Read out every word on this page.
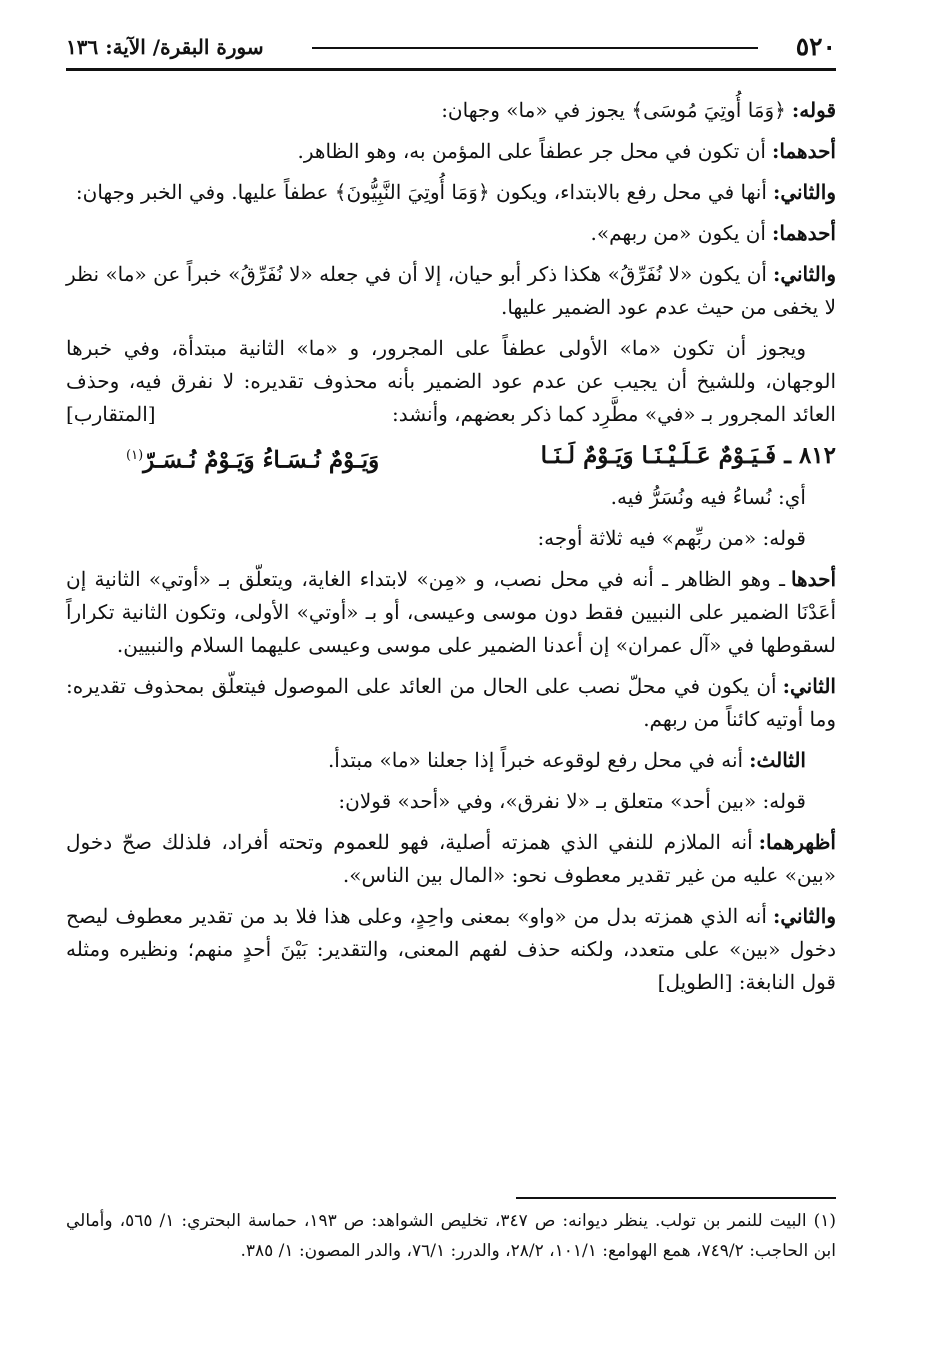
٥٢٠
سورة البقرة/ الآية: ١٣٦

قوله:﴿وَمَا أُوتِيَ مُوسَى﴾ يجوز في «ما» وجهان:

أحدهما:أن تكون في محل جر عطفاً على المؤمن به، وهو الظاهر.

والثاني:أنها في محل رفع بالابتداء، ويكون ﴿وَمَا أُوتِيَ النَّبِيُّونَ﴾ عطفاً عليها. وفي الخبر وجهان:

أحدهما:أن يكون «من ربهم».

والثاني:أن يكون «لا نُفَرِّقُ» هكذا ذكر أبو حيان، إلا أن في جعله «لا نُفَرِّقُ» خبراً عن «ما» نظر لا يخفى من حيث عدم عود الضمير عليها.

ويجوز أن تكون «ما» الأولى عطفاً على المجرور، و «ما» الثانية مبتدأة، وفي خبرها الوجهان، وللشيخ أن يجيب عن عدم عود الضمير بأنه محذوف تقديره: لا نفرق فيه، وحذف العائد المجرور بـ «في» مطَّرِد كما ذكر بعضهم، وأنشد:
[المتقارب]

٨١٢ ـ فَـيَـوْمٌ عَـلَـيْـنَـا وَيَـوْمٌ لَـنَـا
وَيَـوْمٌ نُـسَـاءُ وَيَـوْمٌ نُـسَـرّ$^{(١)}$

أي: نُساءُ فيه ونُسَرُّ فيه.

قوله: «من ربِّهم» فيه ثلاثة أوجه:

أحدهاـ وهو الظاهر ـ أنه في محل نصب، و «مِن» لابتداء الغاية، ويتعلّق بـ «أوتي» الثانية إن أعَدْنَا الضمير على النبيين فقط دون موسى وعيسى، أو بـ «أوتي» الأولى، وتكون الثانية تكراراً لسقوطها في «آل عمران» إن أعدنا الضمير على موسى وعيسى عليهما السلام والنبيين.

الثاني:أن يكون في محلّ نصب على الحال من العائد على الموصول فيتعلّق بمحذوف تقديره: وما أوتيه كائناً من ربهم.

الثالث:أنه في محل رفع لوقوعه خبراً إذا جعلنا «ما» مبتدأ.

قوله: «بين أحد» متعلق بـ «لا نفرق»، وفي «أحد» قولان:

أظهرهما:أنه الملازم للنفي الذي همزته أصلية، فهو للعموم وتحته أفراد، فلذلك صحّ دخول «بين» عليه من غير تقدير معطوف نحو: «المال بين الناس».

والثاني:أنه الذي همزته بدل من «واو» بمعنى واحِدٍ، وعلى هذا فلا بد من تقدير معطوف ليصح دخول «بين» على متعدد، ولكنه حذف لفهم المعنى، والتقدير: بَيْنَ أحدٍ منهم؛ ونظيره ومثله قول النابغة: [الطويل]

(١) البيت للنمر بن تولب. ينظر ديوانه: ص ٣٤٧، تخليص الشواهد: ص ١٩٣، حماسة البحتري: ١/ ٥٦٥، وأمالي ابن الحاجب: ٧٤٩/٢، همع الهوامع: ١٠١/١، ٢٨/٢، والدرر: ٧٦/١، والدر المصون: ١/ ٣٨٥.
